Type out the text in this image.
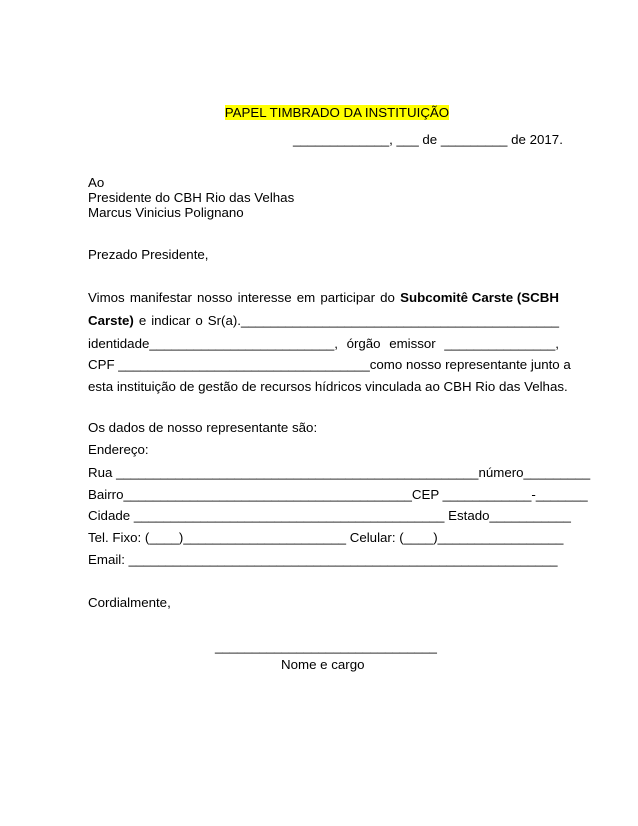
PAPEL TIMBRADO DA INSTITUIÇÃO

_____________, ___ de _________ de 2017.
Ao
Presidente do CBH Rio das Velhas
Marcus Vinicius Polignano
Prezado Presidente,
Vimos manifestar nosso interesse em participar do Subcomitê Carste (SCBH
Carste) e indicar o Sr(a).___________________________________________
identidade_________________________, órgão emissor _______________,
CPF __________________________________ como nosso representante junto a
esta instituição de gestão de recursos hídricos vinculada ao CBH Rio das Velhas.
Os dados de nosso representante são:
Endereço:
Rua _________________________________________________número_________
Bairro_______________________________________CEP ____________-_______
Cidade __________________________________________ Estado___________
Tel. Fixo: (____)______________________ Celular: (____)_________________
Email: __________________________________________________________
Cordialmente,
______________________________
Nome e cargo
